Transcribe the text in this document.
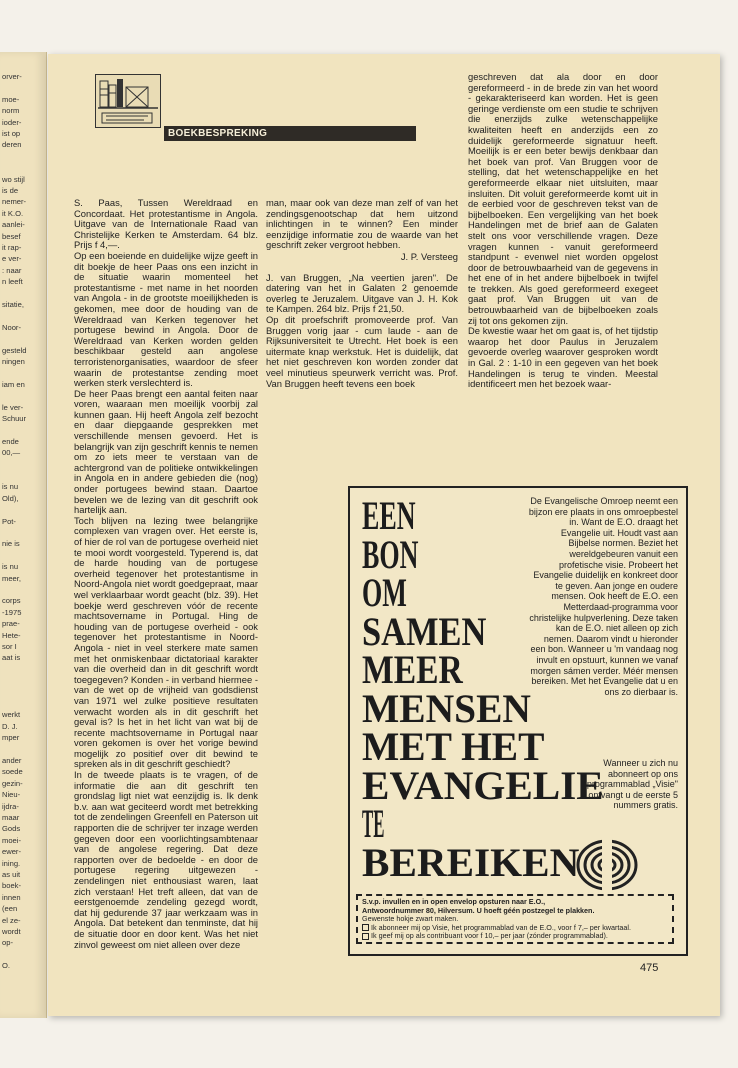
orver-
moe-
norm
ioder-
ist op
deren
wo stijl
is de
nemer-
it K.O.
aanlei-
besef
it rap-
e ver-
: naar
n leeft
sitatie,
Noor-
gesteld
ningen
iam en
le ver-
Schuur
ende
00,—
is nu
Old),
Pot-
nie is
is nu
meer,
corps
-1975
prae-
Hete-
sor I
aat is
werkt
D. J.
mper
ander
soede
gezin-
Nieu-
ijdra-
maar
Gods
moei-
ewer-
ining.
as uit
boek-
innen
(een
el ze-
wordt
op-
O.
BOEKBESPREKING

S. Paas, Tussen Wereldraad en Concordaat. Het protestantisme in Angola. Uitgave van de Internationale Raad van Christelijke Kerken te Amsterdam. 64 blz. Prijs f 4,—.

Op een boeiende en duidelijke wijze geeft in dit boekje de heer Paas ons een inzicht in de situatie waarin momenteel het protestantisme - met name in het noorden van Angola - in de grootste moeilijkheden is gekomen, mee door de houding van de Wereldraad van Kerken tegenover het portugese bewind in Angola. Door de Wereldraad van Kerken worden gelden beschikbaar gesteld aan angolese terroristenorganisaties, waardoor de sfeer waarin de protestantse zending moet werken sterk verslechterd is.

De heer Paas brengt een aantal feiten naar voren, waaraan men moeilijk voorbij zal kunnen gaan. Hij heeft Angola zelf bezocht en daar diepgaande gesprekken met verschillende mensen gevoerd. Het is belangrijk van zijn geschrift kennis te nemen om zo iets meer te verstaan van de achtergrond van de politieke ontwikkelingen in Angola en in andere gebieden die (nog) onder portugees bewind staan. Daartoe bevelen we de lezing van dit geschrift ook hartelijk aan.

Toch blijven na lezing twee belangrijke complexen van vragen over. Het eerste is, of hier de rol van de portugese overheid niet te mooi wordt voorgesteld. Typerend is, dat de harde houding van de portugese overheid tegenover het protestantisme in Noord-Angola niet wordt goedgepraat, maar wel verklaarbaar wordt geacht (blz. 39). Het boekje werd geschreven vóór de recente machtsovername in Portugal. Hing de houding van de portugese overheid - ook tegenover het protestantisme in Noord-Angola - niet in veel sterkere mate samen met het onmiskenbaar dictatoriaal karakter van die overheid dan in dit geschrift wordt toegegeven? Konden - in verband hiermee - van de wet op de vrijheid van godsdienst van 1971 wel zulke positieve resultaten verwacht worden als in dit geschrift het geval is? Is het in het licht van wat bij de recente machtsovername in Portugal naar voren gekomen is over het vorige bewind mogelijk zo positief over dit bewind te spreken als in dit geschrift geschiedt?

In de tweede plaats is te vragen, of de informatie die aan dit geschrift ten grondslag ligt niet wat eenzijdig is. Ik denk b.v. aan wat geciteerd wordt met betrekking tot de zendelingen Greenfell en Paterson uit rapporten die de schrijver ter inzage werden gegeven door een voorlichtingsambtenaar van de angolese regering. Dat deze rapporten over de bedoelde - en door de portugese regering uitgewezen - zendelingen niet enthousiast waren, laat zich verstaan! Het treft alleen, dat van de eerstgenoemde zendeling gezegd wordt, dat hij gedurende 37 jaar werkzaam was in Angola. Dat betekent dan tenminste, dat hij de situatie door en door kent. Was het niet zinvol geweest om niet alleen over deze

man, maar ook van deze man zelf of van het zendingsgenootschap dat hem uitzond inlichtingen in te winnen? Een minder eenzijdige informatie zou de waarde van het geschrift zeker vergroot hebben.

J. P. Versteeg

J. van Bruggen, „Na veertien jaren". De datering van het in Galaten 2 genoemde overleg te Jeruzalem. Uitgave van J. H. Kok te Kampen. 264 blz. Prijs f 21,50.

Op dit proefschrift promoveerde prof. Van Bruggen vorig jaar - cum laude - aan de Rijksuniversiteit te Utrecht. Het boek is een uitermate knap werkstuk. Het is duidelijk, dat het niet geschreven kon worden zonder dat veel minutieus speurwerk verricht was. Prof. Van Bruggen heeft tevens een boek

geschreven dat ala door en door gereformeerd - in de brede zin van het woord - gekarakteriseerd kan worden. Het is geen geringe verdienste om een studie te schrijven die enerzijds zulke wetenschappelijke kwaliteiten heeft en anderzijds een zo duidelijk gereformeerde signatuur heeft. Moeilijk is er een beter bewijs denkbaar dan het boek van prof. Van Bruggen voor de stelling, dat het wetenschappelijke en het gereformeerde elkaar niet uitsluiten, maar insluiten. Dit voluit gereformeerde komt uit in de eerbied voor de geschreven tekst van de bijbelboeken. Een vergelijking van het boek Handelingen met de brief aan de Galaten stelt ons voor verschillende vragen. Deze vragen kunnen - vanuit gereformeerd standpunt - evenwel niet worden opgelost door de betrouwbaarheid van de gegevens in het ene of in het andere bijbelboek in twijfel te trekken. Als goed gereformeerd exegeet gaat prof. Van Bruggen uit van de betrouwbaarheid van de bijbelboeken zoals zij tot ons gekomen zijn.

De kwestie waar het om gaat is, of het tijdstip waarop het door Paulus in Jeruzalem gevoerde overleg waarover gesproken wordt in Gal. 2 : 1-10 in een gegeven van het boek Handelingen is terug te vinden. Meestal identificeert men het bezoek waar-

EEN
BON
OM
SAMEN
MEER
MENSEN
MET HET
EVANGELIE
TE
BEREIKEN
De Evangelische Omroep neemt een bijzon ere plaats in ons omroepbestel in. Want de E.O. draagt het Evangelie uit. Houdt vast aan Bijbelse normen. Beziet het wereldgebeuren vanuit een profetische visie. Probeert het Evangelie duidelijk en konkreet door te geven. Aan jonge en oudere mensen. Ook heeft de E.O. een Metterdaad-programma voor christelijke hulpverlening. Deze taken kan de E.O. niet alleen op zich nemen. Daarom vindt u hieronder een bon. Wanneer u 'm vandaag nog invult en opstuurt, kunnen we vanaf morgen sámen verder. Méér mensen bereiken. Met het Evangelie dat u en ons zo dierbaar is.
Wanneer u zich nu abonneert op ons programmablad „Visie" ontvangt u de eerste 5 nummers gratis.
S.v.p. invullen en in open envelop opsturen naar E.O.,
Antwoordnummer 80, Hilversum. U hoeft géén postzegel te plakken.
Gewenste hokje zwart maken.
Ik abonneer mij op Visie, het programmablad van de E.O., voor f 7,– per kwartaal.
Ik geef mij op als contribuant voor f 10,– per jaar (zónder programmablad).
475
